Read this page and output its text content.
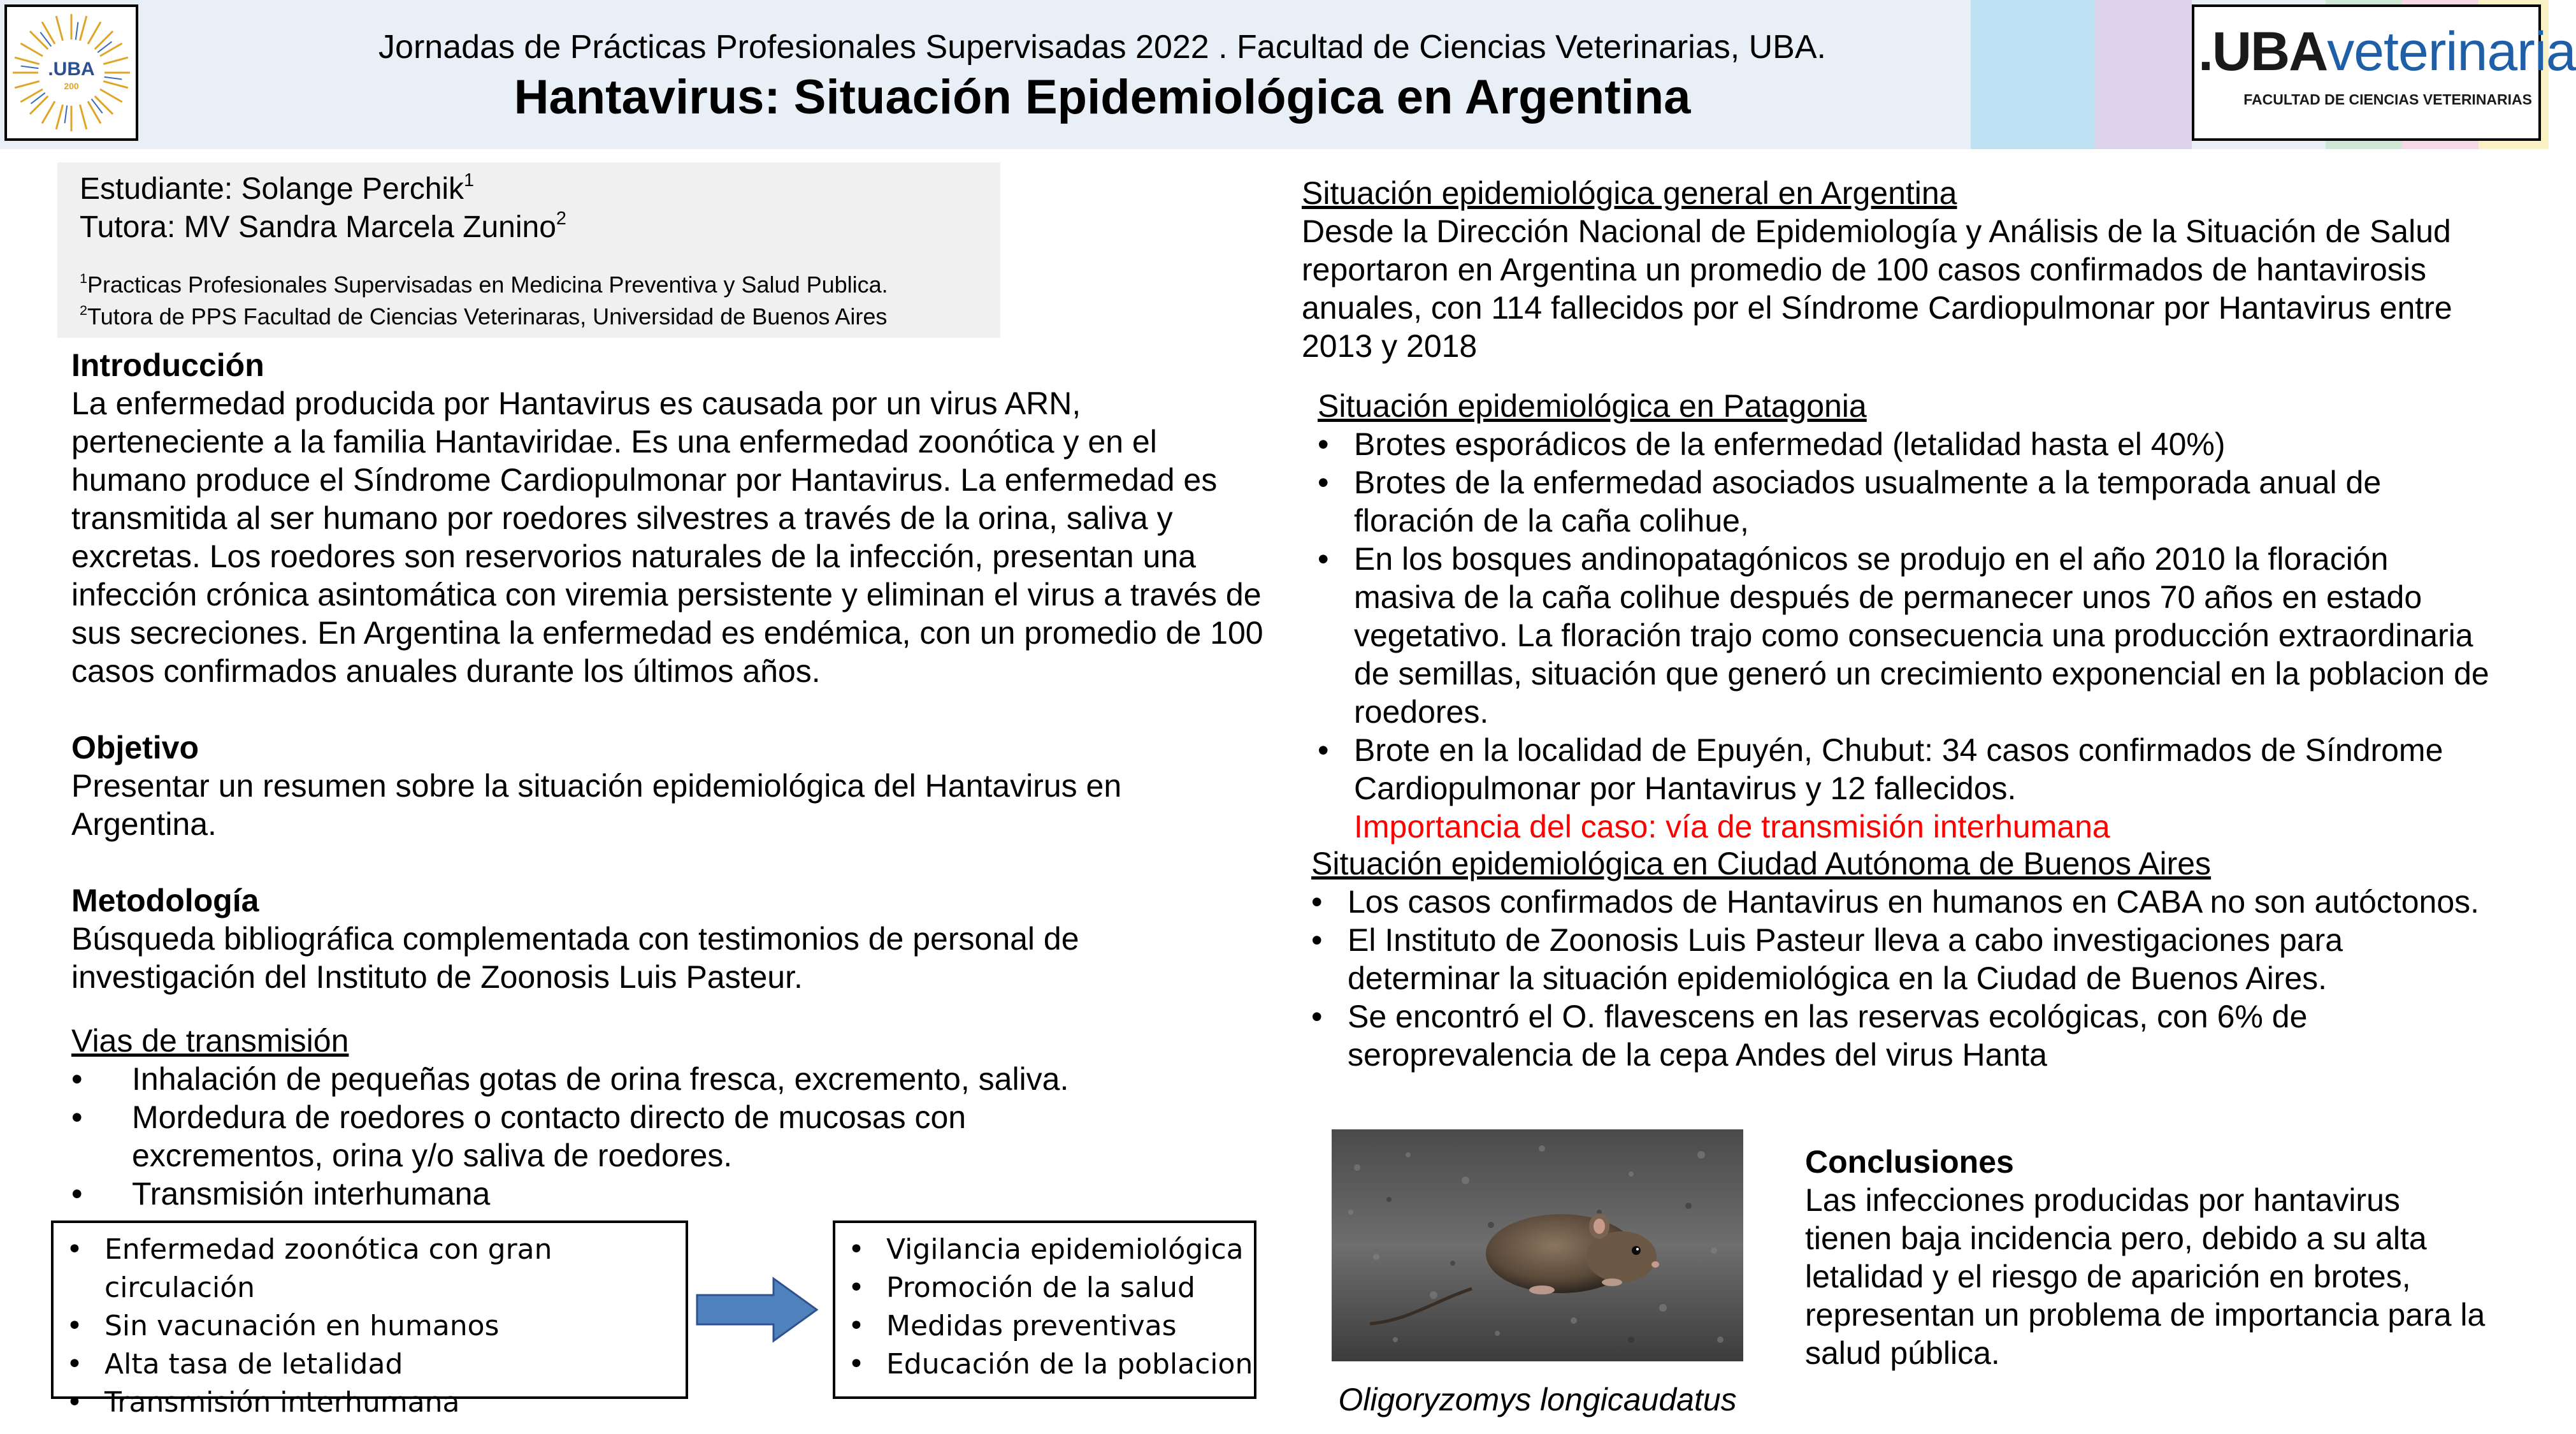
.UBA
200
Jornadas de Prácticas Profesionales Supervisadas 2022 . Facultad de Ciencias Veterinarias, UBA.
Hantavirus: Situación Epidemiológica en Argentina
.UBAveterinaria
FACULTAD DE CIENCIAS VETERINARIAS
Estudiante: Solange Perchik$^1$
Tutora: MV Sandra Marcela Zunino$^2$
$^1$Practicas Profesionales Supervisadas en Medicina Preventiva y Salud Publica.
$^2$Tutora de PPS Facultad de Ciencias Veterinaras, Universidad de Buenos Aires
Introducción

La enfermedad producida por Hantavirus es causada por un virus ARN, perteneciente a la familia Hantaviridae. Es una enfermedad zoonótica y en el humano produce el Síndrome Cardiopulmonar por Hantavirus. La enfermedad es transmitida al ser humano por roedores silvestres a través de la orina, saliva y excretas. Los roedores son reservorios naturales de la infección, presentan una infección crónica asintomática con viremia persistente y eliminan el virus a través de sus secreciones. En Argentina la enfermedad es endémica, con un promedio de 100 casos confirmados anuales durante los últimos años.

Objetivo

Presentar un resumen sobre la situación epidemiológica del Hantavirus en Argentina.

Metodología

Búsqueda bibliográfica complementada con testimonios de personal de investigación del Instituto de Zoonosis Luis Pasteur.

Vias de transmisión
• Inhalación de pequeñas gotas de orina fresca, excremento, saliva.
• Mordedura de roedores o contacto directo de mucosas con excrementos, orina y/o saliva de roedores.
• Transmisión interhumana
• Enfermedad zoonótica con gran circulación
• Sin vacunación en humanos
• Alta tasa de letalidad
• Transmisión interhumana
• Vigilancia epidemiológica
• Promoción de la salud
• Medidas preventivas
• Educación de la poblacion
Situación epidemiológica general en Argentina

Desde la Dirección Nacional de Epidemiología y Análisis de la Situación de Salud reportaron en Argentina un promedio de 100 casos confirmados de hantavirosis anuales, con 114 fallecidos por el Síndrome Cardiopulmonar por Hantavirus entre 2013 y 2018

Situación epidemiológica en Patagonia
• Brotes esporádicos de la enfermedad (letalidad hasta el 40%)
• Brotes de la enfermedad asociados usualmente a la temporada anual de floración de la caña colihue,
• En los bosques andinopatagónicos se produjo en el año 2010 la floración masiva de la caña colihue después de permanecer unos 70 años en estado vegetativo. La floración trajo como consecuencia una producción extraordinaria de semillas, situación que generó un crecimiento exponencial en la poblacion de roedores.
• Brote en la localidad de Epuyén, Chubut: 34 casos confirmados de Síndrome Cardiopulmonar por Hantavirus y 12 fallecidos.
Importancia del caso: vía de transmisión interhumana
Situación epidemiológica en Ciudad Autónoma de Buenos Aires
• Los casos confirmados de Hantavirus en humanos en CABA no son autóctonos.
• El Instituto de Zoonosis Luis Pasteur lleva a cabo investigaciones para determinar la situación epidemiológica en la Ciudad de Buenos Aires.
• Se encontró el O. flavescens en las reservas ecológicas, con 6% de seroprevalencia de la cepa Andes del virus Hanta
Oligoryzomys longicaudatus
Conclusiones

Las infecciones producidas por hantavirus tienen baja incidencia pero, debido a su alta letalidad y el riesgo de aparición en brotes, representan un problema de importancia para la salud pública.
